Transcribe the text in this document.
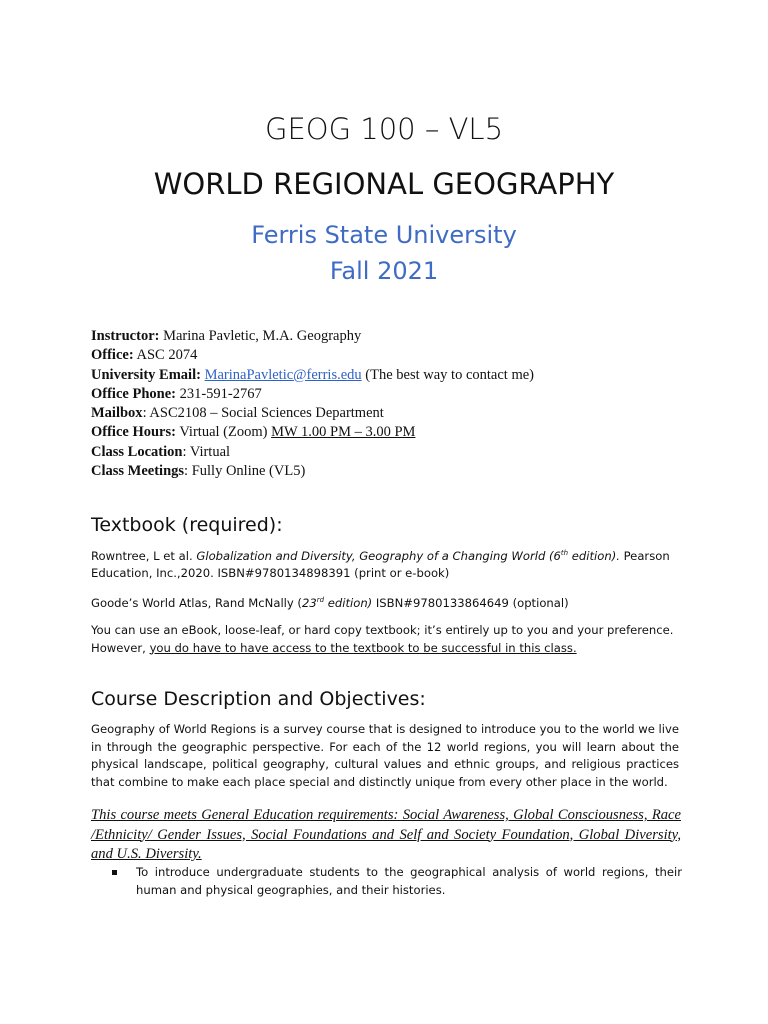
GEOG 100 – VL5
WORLD REGIONAL GEOGRAPHY
Ferris State University
Fall 2021
Instructor: Marina Pavletic, M.A. Geography
Office: ASC 2074
University Email: MarinaPavletic@ferris.edu (The best way to contact me)
Office Phone: 231-591-2767
Mailbox: ASC2108 – Social Sciences Department
Office Hours: Virtual (Zoom) MW 1.00 PM – 3.00 PM
Class Location: Virtual
Class Meetings: Fully Online (VL5)
Textbook (required):
Rowntree, L et al. Globalization and Diversity, Geography of a Changing World (6th edition). Pearson Education, Inc.,2020. ISBN#9780134898391 (print or e-book)
Goode’s World Atlas, Rand McNally (23rd edition) ISBN#9780133864649 (optional)
You can use an eBook, loose-leaf, or hard copy textbook; it’s entirely up to you and your preference. However, you do have to have access to the textbook to be successful in this class.
Course Description and Objectives:
Geography of World Regions is a survey course that is designed to introduce you to the world we live in through the geographic perspective. For each of the 12 world regions, you will learn about the physical landscape, political geography, cultural values and ethnic groups, and religious practices that combine to make each place special and distinctly unique from every other place in the world.
This course meets General Education requirements: Social Awareness, Global Consciousness, Race /Ethnicity/ Gender Issues, Social Foundations and Self and Society Foundation, Global Diversity, and U.S. Diversity.
To introduce undergraduate students to the geographical analysis of world regions, their human and physical geographies, and their histories.
